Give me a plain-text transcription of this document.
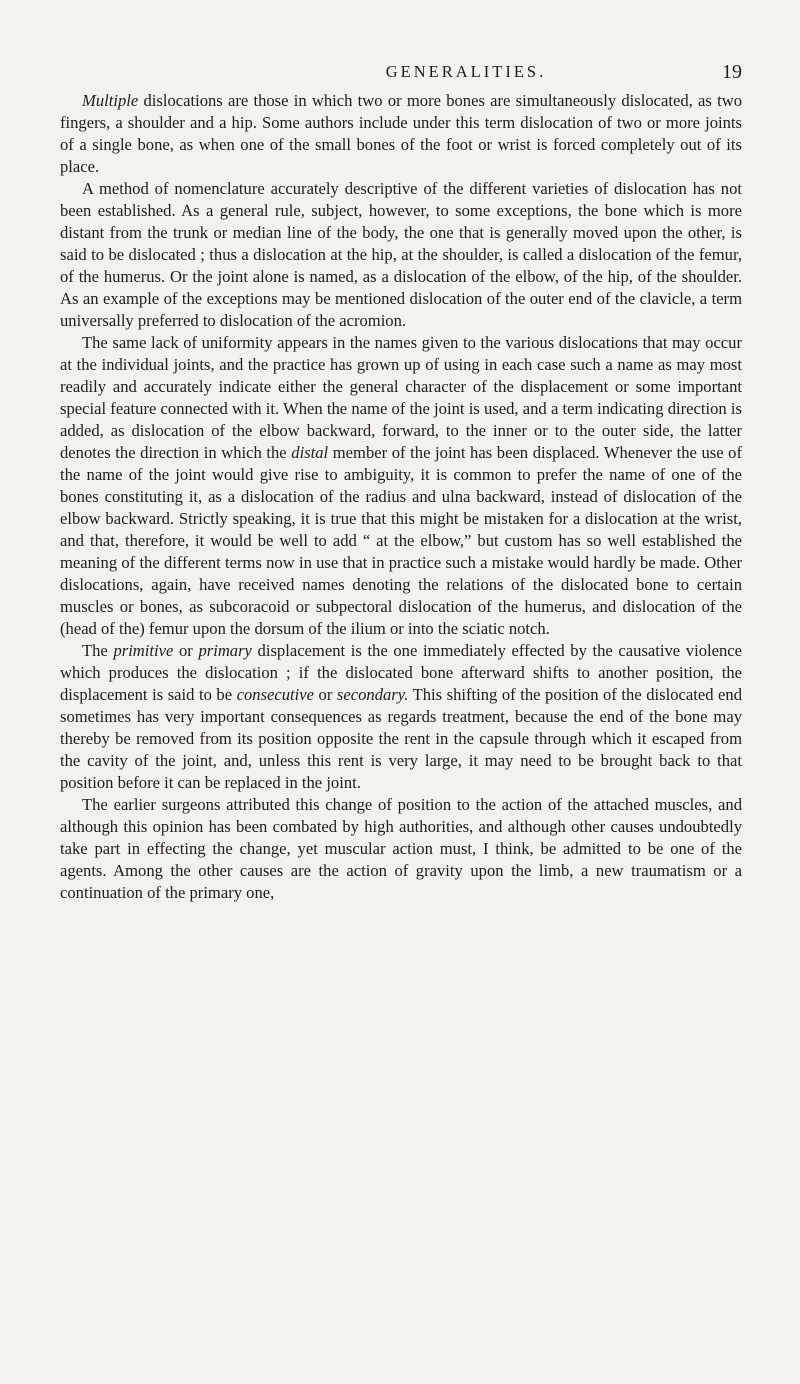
GENERALITIES.	19

Multiple dislocations are those in which two or more bones are simultaneously dislocated, as two fingers, a shoulder and a hip. Some authors include under this term dislocation of two or more joints of a single bone, as when one of the small bones of the foot or wrist is forced completely out of its place.

A method of nomenclature accurately descriptive of the different varieties of dislocation has not been established. As a general rule, subject, however, to some exceptions, the bone which is more distant from the trunk or median line of the body, the one that is generally moved upon the other, is said to be dislocated ; thus a dislocation at the hip, at the shoulder, is called a dislocation of the femur, of the humerus. Or the joint alone is named, as a dislocation of the elbow, of the hip, of the shoulder. As an example of the exceptions may be mentioned dislocation of the outer end of the clavicle, a term universally preferred to dislocation of the acromion.

The same lack of uniformity appears in the names given to the various dislocations that may occur at the individual joints, and the practice has grown up of using in each case such a name as may most readily and accurately indicate either the general character of the displacement or some important special feature connected with it. When the name of the joint is used, and a term indicating direction is added, as dislocation of the elbow backward, forward, to the inner or to the outer side, the latter denotes the direction in which the distal member of the joint has been displaced. Whenever the use of the name of the joint would give rise to ambiguity, it is common to prefer the name of one of the bones constituting it, as a dislocation of the radius and ulna backward, instead of dislocation of the elbow backward. Strictly speaking, it is true that this might be mistaken for a dislocation at the wrist, and that, therefore, it would be well to add “ at the elbow,” but custom has so well established the meaning of the different terms now in use that in practice such a mistake would hardly be made. Other dislocations, again, have received names denoting the relations of the dislocated bone to certain muscles or bones, as subcoracoid or subpectoral dislocation of the humerus, and dislocation of the (head of the) femur upon the dorsum of the ilium or into the sciatic notch.

The primitive or primary displacement is the one immediately effected by the causative violence which produces the dislocation ; if the dislocated bone afterward shifts to another position, the displacement is said to be consecutive or secondary. This shifting of the position of the dislocated end sometimes has very important consequences as regards treatment, because the end of the bone may thereby be removed from its position opposite the rent in the capsule through which it escaped from the cavity of the joint, and, unless this rent is very large, it may need to be brought back to that position before it can be replaced in the joint.

The earlier surgeons attributed this change of position to the action of the attached muscles, and although this opinion has been combated by high authorities, and although other causes undoubtedly take part in effecting the change, yet muscular action must, I think, be admitted to be one of the agents. Among the other causes are the action of gravity upon the limb, a new traumatism or a continuation of the primary one,
